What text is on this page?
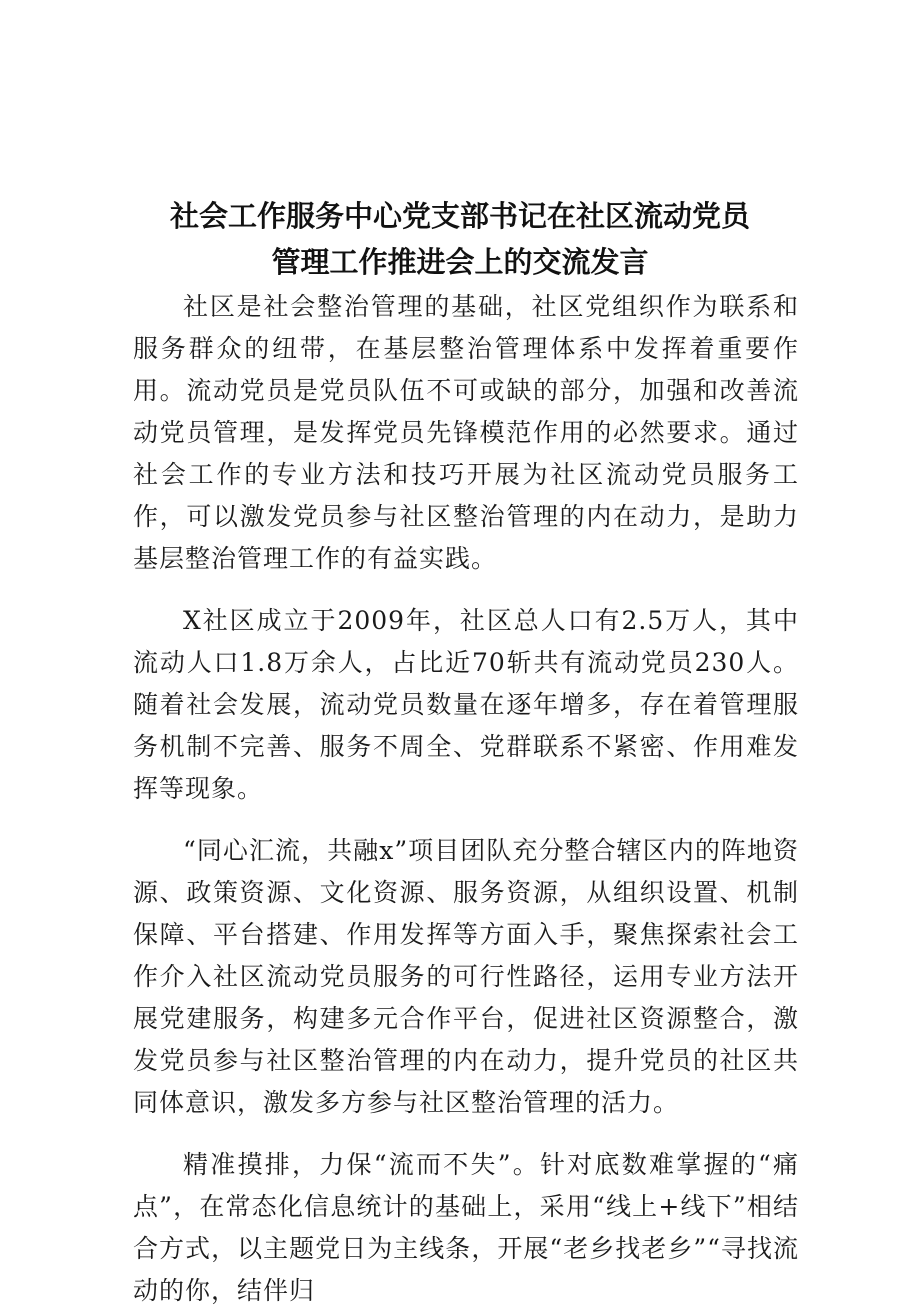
社会工作服务中心党支部书记在社区流动党员
管理工作推进会上的交流发言

社区是社会整治管理的基础，社区党组织作为联系和服务群众的纽带，在基层整治管理体系中发挥着重要作用。流动党员是党员队伍不可或缺的部分，加强和改善流动党员管理，是发挥党员先锋模范作用的必然要求。通过社会工作的专业方法和技巧开展为社区流动党员服务工作，可以激发党员参与社区整治管理的内在动力，是助力基层整治管理工作的有益实践。

X社区成立于2009年，社区总人口有2.5万人，其中流动人口1.8万余人，占比近70斩共有流动党员230人。随着社会发展，流动党员数量在逐年增多，存在着管理服务机制不完善、服务不周全、党群联系不紧密、作用难发挥等现象。

“同心汇流，共融x”项目团队充分整合辖区内的阵地资源、政策资源、文化资源、服务资源，从组织设置、机制保障、平台搭建、作用发挥等方面入手，聚焦探索社会工作介入社区流动党员服务的可行性路径，运用专业方法开展党建服务，构建多元合作平台，促进社区资源整合，激发党员参与社区整治管理的内在动力，提升党员的社区共同体意识，激发多方参与社区整治管理的活力。

精准摸排，力保“流而不失”。针对底数难掌握的“痛点”，在常态化信息统计的基础上，采用“线上+线下”相结合方式，以主题党日为主线条，开展“老乡找老乡”“寻找流动的你，结伴归
